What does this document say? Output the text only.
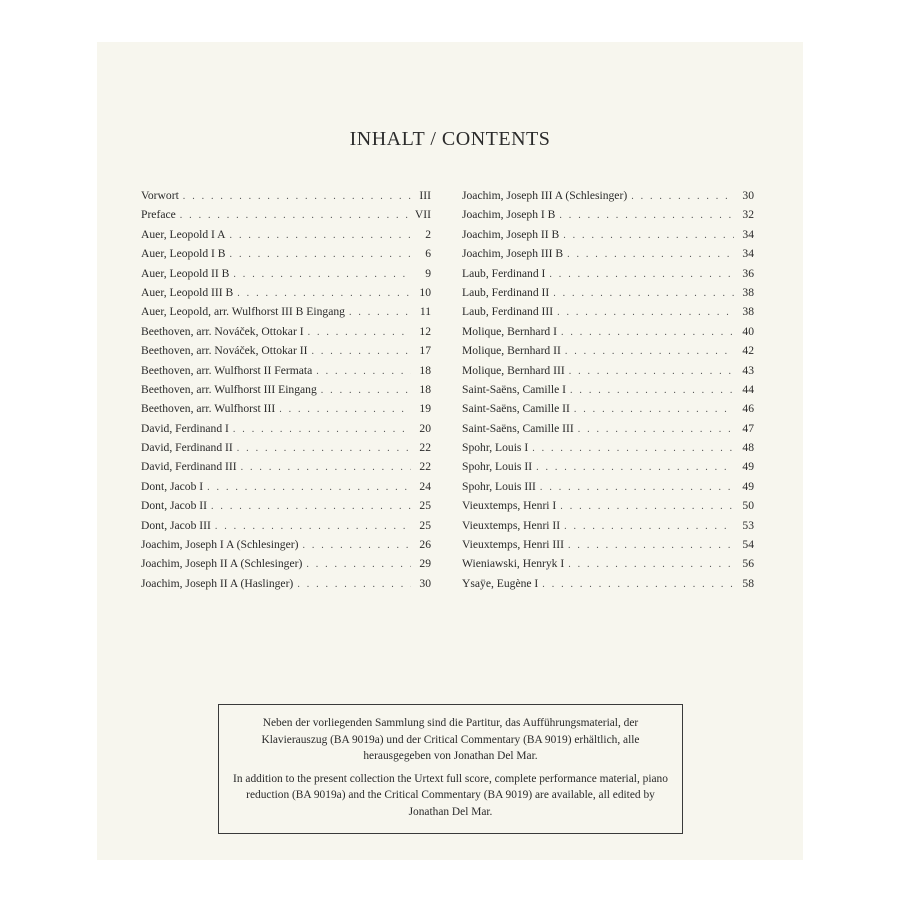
INHALT / CONTENTS
Vorwort . . .	III
Preface . . .	VII
Auer, Leopold I A . . .	2
Auer, Leopold I B . . .	6
Auer, Leopold II B . . .	9
Auer, Leopold III B . . .	10
Auer, Leopold, arr. Wulfhorst III B Eingang . . .	11
Beethoven, arr. Nováček, Ottokar I . . .	12
Beethoven, arr. Nováček, Ottokar II . . .	17
Beethoven, arr. Wulfhorst II Fermata . . .	18
Beethoven, arr. Wulfhorst III Eingang . . .	18
Beethoven, arr. Wulfhorst III . . .	19
David, Ferdinand I . . .	20
David, Ferdinand II . . .	22
David, Ferdinand III . . .	22
Dont, Jacob I . . .	24
Dont, Jacob II . . .	25
Dont, Jacob III . . .	25
Joachim, Joseph I A (Schlesinger) . . .	26
Joachim, Joseph II A (Schlesinger) . . .	29
Joachim, Joseph II A (Haslinger) . . .	30
Joachim, Joseph III A (Schlesinger) . . .	30
Joachim, Joseph I B . . .	32
Joachim, Joseph II B . . .	34
Joachim, Joseph III B . . .	34
Laub, Ferdinand I . . .	36
Laub, Ferdinand II . . .	38
Laub, Ferdinand III . . .	38
Molique, Bernhard I . . .	40
Molique, Bernhard II . . .	42
Molique, Bernhard III . . .	43
Saint-Saëns, Camille I . . .	44
Saint-Saëns, Camille II . . .	46
Saint-Saëns, Camille III . . .	47
Spohr, Louis I . . .	48
Spohr, Louis II . . .	49
Spohr, Louis III . . .	49
Vieuxtemps, Henri I . . .	50
Vieuxtemps, Henri II . . .	53
Vieuxtemps, Henri III . . .	54
Wieniawski, Henryk I . . .	56
Ysaÿe, Eugène I . . .	58

Neben der vorliegenden Sammlung sind die Partitur, das Aufführungsmaterial, der Klavierauszug (BA 9019a) und der Critical Commentary (BA 9019) erhältlich, alle herausgegeben von Jonathan Del Mar.

In addition to the present collection the Urtext full score, complete performance material, piano reduction (BA 9019a) and the Critical Commentary (BA 9019) are available, all edited by Jonathan Del Mar.
